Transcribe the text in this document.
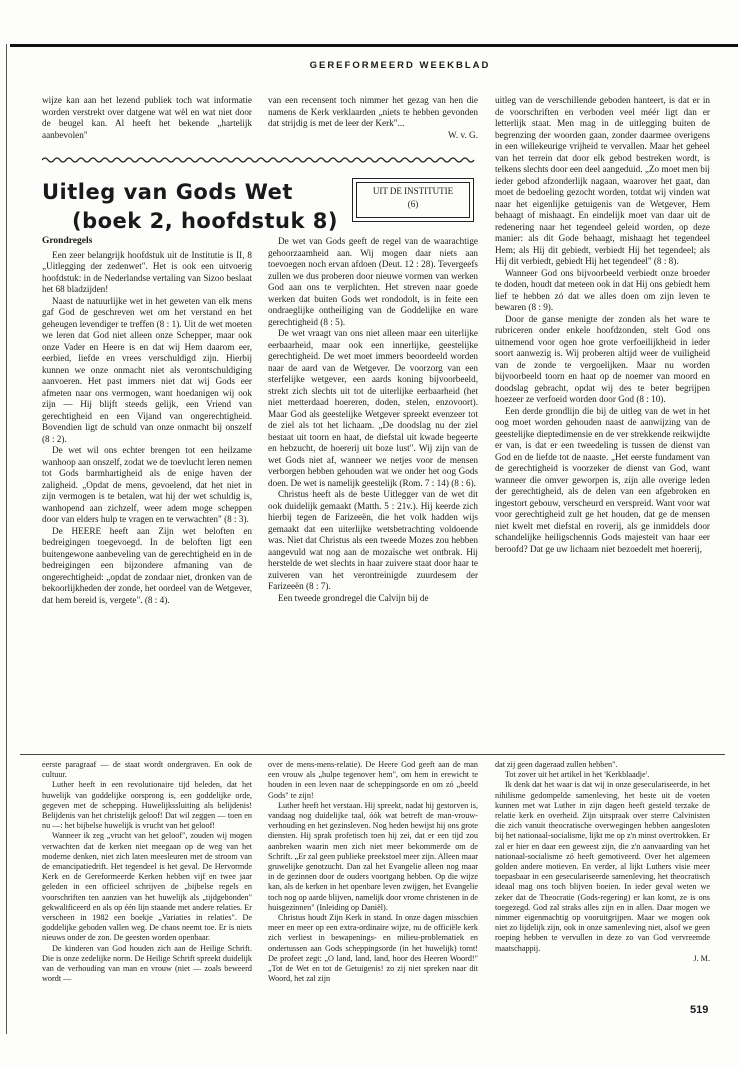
GEREFORMEERD WEEKBLAD

wijze kan aan het lezend publiek toch wat informatie worden verstrekt over datgene wat wèl en wat niet door de beugel kan. Al heeft het bekende „hartelijk aanbevolen"

van een recensent toch nimmer het gezag van hen die namens de Kerk verklaarden „niets te hebben gevonden dat strijdig is met de leer der Kerk"...

W. v. G.

Uitleg van Gods Wet
(boek 2, hoofdstuk 8)
UIT DE INSTITUTIE
(6)
Grondregels

Een zeer belangrijk hoofdstuk uit de Institutie is II, 8 „Uitlegging der zedenwet". Het is ook een uitvoerig hoofdstuk: in de Nederlandse vertaling van Sizoo beslaat het 68 bladzijden!

Naast de natuurlijke wet in het geweten van elk mens gaf God de geschreven wet om het verstand en het geheugen levendiger te treffen (8 : 1). Uit de wet moeten we leren dat God niet alleen onze Schepper, maar ook onze Vader en Heere is en dat wij Hem daarom eer, eerbied, liefde en vrees verschuldigd zijn. Hierbij kunnen we onze onmacht niet als verontschuldiging aanvoeren. Het past immers niet dat wij Gods eer afmeten naar ons vermogen, want hoedanigen wij ook zijn — Hij blijft steeds gelijk, een Vriend van gerechtigheid en een Vijand van ongerechtigheid. Bovendien ligt de schuld van onze onmacht bij onszelf (8 : 2).

De wet wil ons echter brengen tot een heilzame wanhoop aan onszelf, zodat we de toevlucht leren nemen tot Gods barmhartigheid als de enige haven der zaligheid. „Opdat de mens, gevoelend, dat het niet in zijn vermogen is te betalen, wat hij der wet schuldig is, wanhopend aan zichzelf, weer adem moge scheppen door van elders hulp te vragen en te verwachten" (8 : 3).

De HEERE heeft aan Zijn wet beloften en bedreigingen toegevoegd. In de beloften ligt een buitengewone aanbeveling van de gerechtigheid en in de bedreigingen een bijzondere afmaning van de ongerechtigheid: „opdat de zondaar niet, dronken van de bekoorlijkheden der zonde, het oordeel van de Wetgever, dat hem bereid is, vergete". (8 : 4).

De wet van Gods geeft de regel van de waarachtige gehoorzaamheid aan. Wij mogen daar niets aan toevoegen noch ervan afdoen (Deut. 12 : 28). Tevergeefs zullen we dus proberen door nieuwe vormen van werken God aan ons te verplichten. Het streven naar goede werken dat buiten Gods wet rondodolt, is in feite een ondraeglijke ontheiliging van de Goddelijke en ware gerechtigheid (8 : 5).

De wet vraagt van ons niet alleen maar een uiterlijke eerbaarheid, maar ook een innerlijke, geestelijke gerechtigheid. De wet moet immers beoordeeld worden naar de aard van de Wetgever. De voorzorg van een sterfelijke wetgever, een aards koning bijvoorbeeld, strekt zich slechts uit tot de uiterlijke eerbaarheid (het niet metterdaad hoereren, doden, stelen, enzovoort). Maar God als geestelijke Wetgever spreekt evenzeer tot de ziel als tot het lichaam. „De doodslag nu der ziel bestaat uit toorn en haat, de diefstal uit kwade begeerte en hebzucht, de hoererij uit boze lust". Wij zijn van de wet Gods niet af, wanneer we netjes voor de mensen verborgen hebben gehouden wat we onder het oog Gods doen. De wet is namelijk geestelijk (Rom. 7 : 14) (8 : 6).

Christus heeft als de beste Uitlegger van de wet dit ook duidelijk gemaakt (Matth. 5 : 21v.). Hij keerde zich hierbij tegen de Farizeeën, die het volk hadden wijs gemaakt dat een uiterlijke wetsbetrachting voldoende was. Niet dat Christus als een tweede Mozes zou hebben aangevuld wat nog aan de mozaïsche wet ontbrak. Hij herstelde de wet slechts in haar zuivere staat door haar te zuiveren van het verontreinigde zuurdesem der Farizeeën (8 : 7).

Een tweede grondregel die Calvijn bij de

uitleg van de verschillende geboden hanteert, is dat er in de voorschriften en verboden veel méér ligt dan er letterlijk staat. Men mag in de uitlegging buiten de begrenzing der woorden gaan, zonder daarmee overigens in een willekeurige vrijheid te vervallen. Maar het geheel van het terrein dat door elk gebod bestreken wordt, is telkens slechts door een deel aangeduid. „Zo moet men bij ieder gebod afzonderlijk nagaan, waarover het gaat, dan moet de bedoeling gezocht worden, totdat wij vinden wat naar het eigenlijke getuigenis van de Wetgever, Hem behaagt of mishaagt. En eindelijk moet van daar uit de redenering naar het tegendeel geleid worden, op deze manier: als dit Gode behaagt, mishaagt het tegendeel Hem; als Hij dit gebiedt, verbiedt Hij het tegendeel; als Hij dit verbiedt, gebiedt Hij het tegendeel" (8 : 8).

Wanneer God ons bijvoorbeeld verbiedt onze broeder te doden, houdt dat meteen ook in dat Hij ons gebiedt hem lief te hebben zó dat we alles doen om zijn leven te bewaren (8 : 9).

Door de ganse menigte der zonden als het ware te rubriceren onder enkele hoofdzonden, stelt God ons uitnemend voor ogen hoe grote verfoeilijkheid in ieder soort aanwezig is. Wij proberen altijd weer de vuiligheid van de zonde te vergoelijken. Maar nu worden bijvoorbeeld toorn en haat op de noemer van moord en doodslag gebracht, opdat wij des te beter begrijpen hoezeer ze verfoeid worden door God (8 : 10).

Een derde grondlijn die bij de uitleg van de wet in het oog moet worden gehouden naast de aanwijzing van de geestelijke dieptedimensie en de ver strekkende reikwijdte er van, is dat er een tweedeling is tussen de dienst van God en de liefde tot de naaste. „Het eerste fundament van de gerechtigheid is voorzeker de dienst van God, want wanneer die omver geworpen is, zijn alle overige leden der gerechtigheid, als de delen van een afgebroken en ingestort gebouw, verscheurd en verspreid. Want voor wat voor gerechtigheid zult ge het houden, dat ge de mensen niet kwelt met diefstal en roverij, als ge inmiddels door schandelijke heiligschennis Gods majesteit van haar eer beroofd? Dat ge uw lichaam niet bezoedelt met hoererij,

eerste paragraaf — de staat wordt ondergraven. En ook de cultuur.

Luther heeft in een revolutionaire tijd beleden, dat het huwelijk van goddelijke oorsprong is, een goddelijke orde, gegeven met de schepping. Huwelijkssluiting als belijdenis! Belijdenis van het christelijk geloof! Dat wil zeggen — toen en nu —: het bijbelse huwelijk is vrucht van het geloof!

Wanneer ik zeg „vrucht van het geloof", zouden wij mogen verwachten dat de kerken niet meegaan op de weg van het moderne denken, niet zich laten meesleuren met de stroom van de emancipatiedrift. Het tegendeel is het geval. De Hervormde Kerk en de Gereformeerde Kerken hebben vijf en twee jaar geleden in een officieel schrijven de „bijbelse regels en voorschriften ten aanzien van het huwelijk als „tijdgebonden" gekwalificeerd en als op één lijn staande met andere relaties. Er verscheen in 1982 een boekje „Variaties in relaties". De goddelijke geboden vallen weg. De chaos neemt toe. Er is niets nieuws onder de zon. De geesten worden openbaar.

De kinderen van God houden zich aan de Heilige Schrift. Die is onze zedelijke norm. De Heilige Schrift spreekt duidelijk van de verhouding van man en vrouw (niet — zoals beweerd wordt —

over de mens-mens-relatie). De Heere God geeft aan de man een vrouw als „hulpe tegenover hem", om hem in erewicht te houden in een leven naar de scheppingsorde en om zó „beeld Gods" te zijn!

Luther heeft het verstaan. Hij spreekt, nadat hij gestorven is, vandaag nog duidelijke taal, óók wat betreft de man-vrouw-verhouding en het gezinsleven. Nog heden bewijst hij ons grote diensten. Hij sprak profetisch toen hij zei, dat er een tijd zou aanbreken waarin men zich niet meer bekommerde om de Schrift. „Er zal geen publieke preekstoel meer zijn. Alleen maar gruwelijke genotzucht. Dan zal het Evangelie alleen nog maar in de gezinnen door de ouders voortgang hebben. Op die wijze kan, als de kerken in het openbare leven zwijgen, het Evangelie toch nog op aarde blijven, namelijk door vrome christenen in de huisgezinnen" (Inleiding op Daniël).

Christus houdt Zijn Kerk in stand. In onze dagen misschien meer en meer op een extra-ordinaire wijze, nu de officiële kerk zich verliest in bewapenings- en milieu-problematiek en ondertussen aan Gods scheppingsorde (in het huwelijk) tornt! De profeet zegt: „O land, land, land, hoor des Heeren Woord!" „Tot de Wet en tot de Getuigenis! zo zij niet spreken naar dit Woord, het zal zijn

dat zij geen dageraad zullen hebben".

Tot zover uit het artikel in het 'Kerkblaadje'.

Ik denk dat het waar is dat wij in onze geseculariseerde, in het nihilisme gedompelde samenleving, het beste uit de voeten kunnen met wat Luther in zijn dagen heeft gesteld terzake de relatie kerk en overheid. Zijn uitspraak over sterre Calvinisten die zich vanuit theocratische overwegingen hebben aangesloten bij het nationaal-socialisme, lijkt me op z'n minst overtrokken. Er zal er hier en daar een geweest zijn, die z'n aanvaarding van het nationaal-socialisme zó heeft gemotiveerd. Over het algemeen golden andere motieven. En verder, al lijkt Luthers visie meer toepasbaar in een geseculariseerde samenleving, het theocratisch ideaal mag ons toch blijven boeien. In ieder geval weten we zeker dat de Theocratie (Gods-regering) er kan komt, ze is ons toegezegd. God zal straks alles zijn en in allen. Daar mogen we nimmer eigenmachtig op vooruitgrijpen. Maar we mogen ook niet zo lijdelijk zijn, ook in onze samenleving niet, alsof we geen roeping hebben te vervullen in deze zo van God vervreemde maatschappij.

J. M.

519
